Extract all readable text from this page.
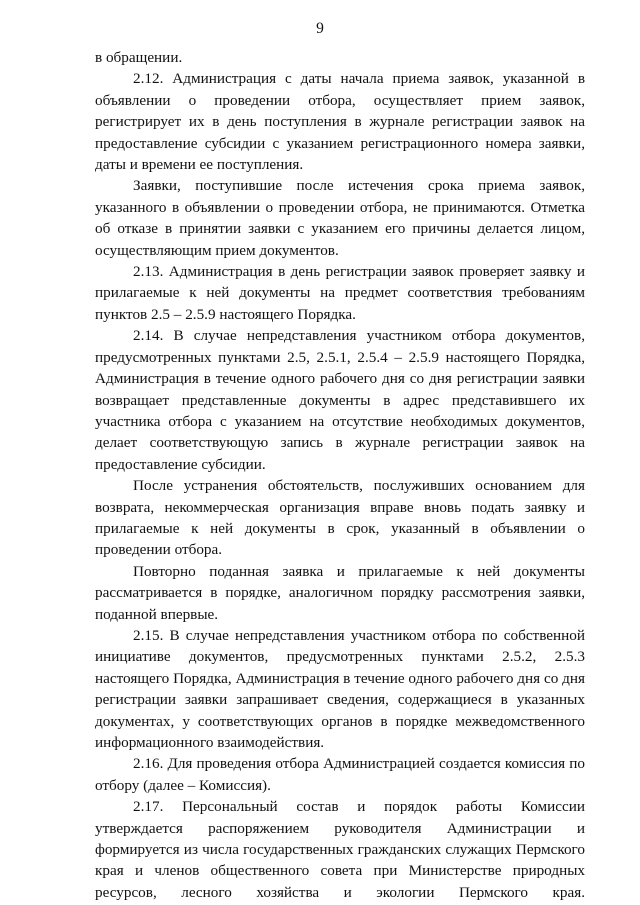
9

в обращении.

2.12. Администрация с даты начала приема заявок, указанной в объявлении о проведении отбора, осуществляет прием заявок, регистрирует их в день поступления в журнале регистрации заявок на предоставление субсидии с указанием регистрационного номера заявки, даты и времени ее поступления.

Заявки, поступившие после истечения срока приема заявок, указанного в объявлении о проведении отбора, не принимаются. Отметка об отказе в принятии заявки с указанием его причины делается лицом, осуществляющим прием документов.

2.13. Администрация в день регистрации заявок проверяет заявку и прилагаемые к ней документы на предмет соответствия требованиям пунктов 2.5 – 2.5.9 настоящего Порядка.

2.14. В случае непредставления участником отбора документов, предусмотренных пунктами 2.5, 2.5.1, 2.5.4 – 2.5.9 настоящего Порядка, Администрация в течение одного рабочего дня со дня регистрации заявки возвращает представленные документы в адрес представившего их участника отбора с указанием на отсутствие необходимых документов, делает соответствующую запись в журнале регистрации заявок на предоставление субсидии.

После устранения обстоятельств, послуживших основанием для возврата, некоммерческая организация вправе вновь подать заявку и прилагаемые к ней документы в срок, указанный в объявлении о проведении отбора.

Повторно поданная заявка и прилагаемые к ней документы рассматривается в порядке, аналогичном порядку рассмотрения заявки, поданной впервые.

2.15. В случае непредставления участником отбора по собственной инициативе документов, предусмотренных пунктами 2.5.2, 2.5.3 настоящего Порядка, Администрация в течение одного рабочего дня со дня регистрации заявки запрашивает сведения, содержащиеся в указанных документах, у соответствующих органов в порядке межведомственного информационного взаимодействия.

2.16. Для проведения отбора Администрацией создается комиссия по отбору (далее – Комиссия).

2.17. Персональный состав и порядок работы Комиссии утверждается распоряжением руководителя Администрации и формируется из числа государственных гражданских служащих Пермского края и членов общественного совета при Министерстве природных ресурсов, лесного хозяйства и экологии Пермского края.
